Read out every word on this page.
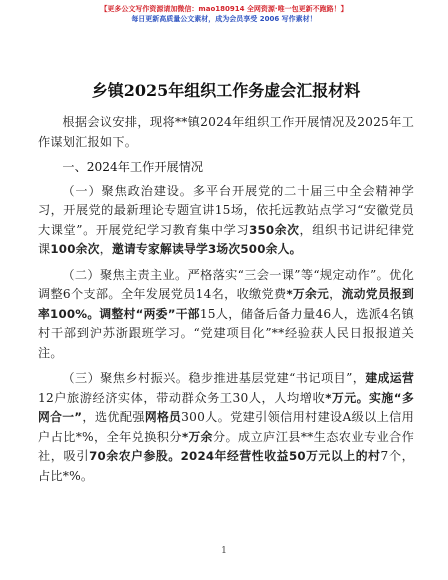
【更多公文写作资源请加微信：mao180914 全网资源·唯一包更新不跑路！】
每日更新高质量公文素材，成为会员享受 2006 写作素材！
乡镇2025年组织工作务虚会汇报材料

根据会议安排，现将**镇2024年组织工作开展情况及2025年工作谋划汇报如下。

一、2024年工作开展情况

（一）聚焦政治建设。多平台开展党的二十届三中全会精神学习，开展党的最新理论专题宣讲15场，依托远教站点学习“安徽党员大课堂”。开展党纪学习教育集中学习350余次，组织书记讲纪律党课100余次，邀请专家解读导学3场次500余人。

（二）聚焦主责主业。严格落实“三会一课”等“规定动作”。优化调整6个支部。全年发展党员14名，收缴党费*万余元，流动党员报到率100%。调整村“两委”干部15人，储备后备力量46人，选派4名镇村干部到沪苏浙跟班学习。“党建项目化”**经验获人民日报报道关注。

（三）聚焦乡村振兴。稳步推进基层党建“书记项目”，建成运营12户旅游经济实体，带动群众务工30人，人均增收*万元。实施“多网合一”，选优配强网格员300人。党建引领信用村建设A级以上信用户占比*%，全年兑换积分*万余分。成立庐江县**生态农业专业合作社，吸引70余农户参股。2024年经营性收益50万元以上的村7个，占比*%。

1
